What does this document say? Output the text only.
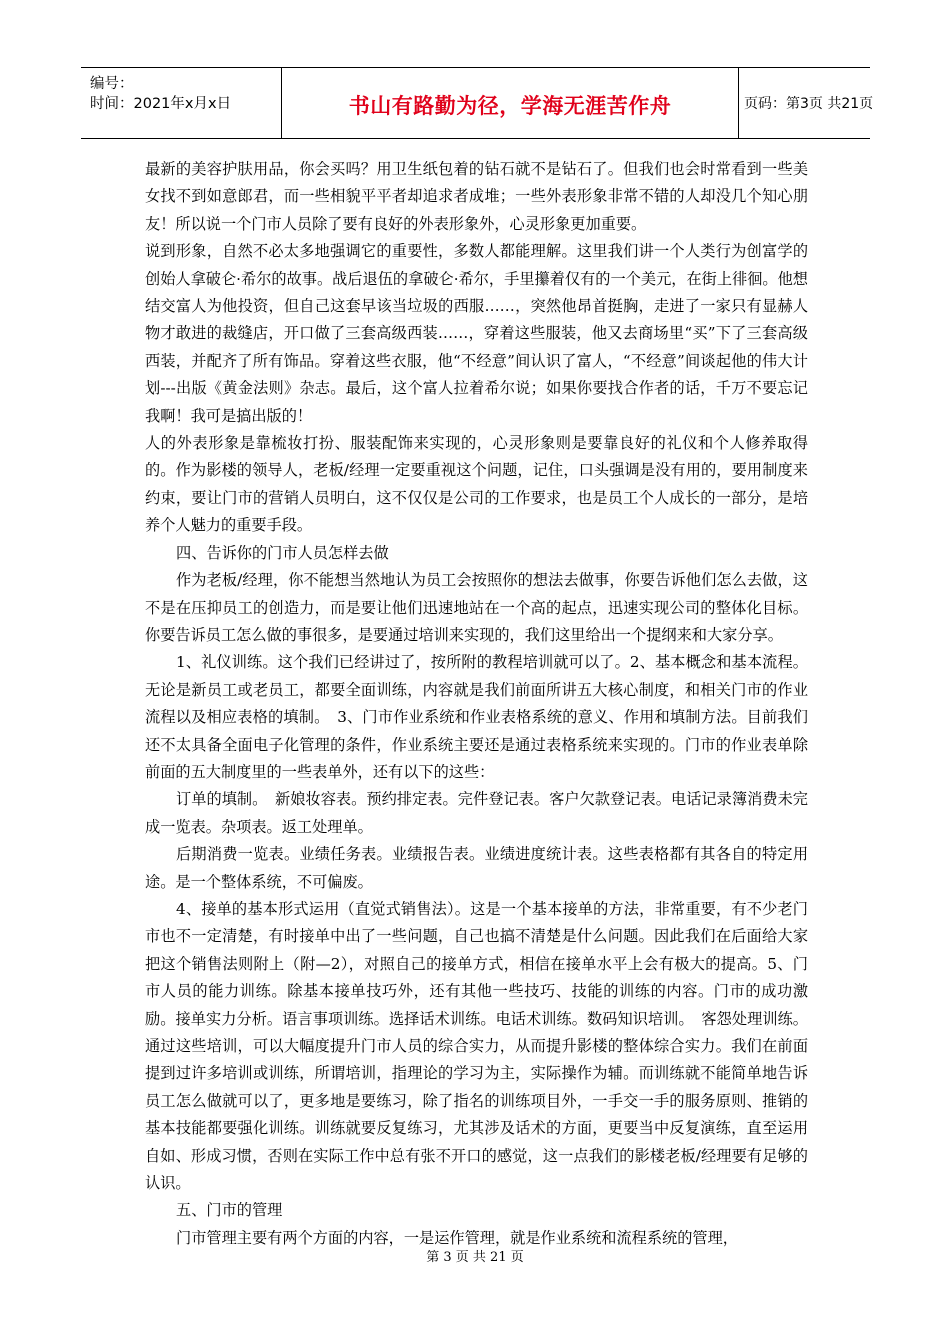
编号：
时间：2021年x月x日	书山有路勤为径，学海无涯苦作舟	页码：第3页 共21页

最新的美容护肤用品，你会买吗？用卫生纸包着的钻石就不是钻石了。但我们也会时常看到一些美女找不到如意郎君，而一些相貌平平者却追求者成堆；一些外表形象非常不错的人却没几个知心朋友！所以说一个门市人员除了要有良好的外表形象外，心灵形象更加重要。

说到形象，自然不必太多地强调它的重要性，多数人都能理解。这里我们讲一个人类行为创富学的创始人拿破仑·希尔的故事。战后退伍的拿破仑·希尔，手里攥着仅有的一个美元，在街上徘徊。他想结交富人为他投资，但自己这套早该当垃圾的西服……，突然他昂首挺胸，走进了一家只有显赫人物才敢进的裁缝店，开口做了三套高级西装……，穿着这些服装，他又去商场里“买”下了三套高级西装，并配齐了所有饰品。穿着这些衣服，他“不经意”间认识了富人，“不经意”间谈起他的伟大计划---出版《黄金法则》杂志。最后，这个富人拉着希尔说；如果你要找合作者的话，千万不要忘记我啊！我可是搞出版的！

人的外表形象是靠梳妆打扮、服装配饰来实现的，心灵形象则是要靠良好的礼仪和个人修养取得的。作为影楼的领导人，老板/经理一定要重视这个问题，记住，口头强调是没有用的，要用制度来约束，要让门市的营销人员明白，这不仅仅是公司的工作要求，也是员工个人成长的一部分，是培养个人魅力的重要手段。

四、告诉你的门市人员怎样去做

作为老板/经理，你不能想当然地认为员工会按照你的想法去做事，你要告诉他们怎么去做，这不是在压抑员工的创造力，而是要让他们迅速地站在一个高的起点，迅速实现公司的整体化目标。你要告诉员工怎么做的事很多，是要通过培训来实现的，我们这里给出一个提纲来和大家分享。

1、礼仪训练。这个我们已经讲过了，按所附的教程培训就可以了。2、基本概念和基本流程。无论是新员工或老员工，都要全面训练，内容就是我们前面所讲五大核心制度，和相关门市的作业流程以及相应表格的填制。　3、门市作业系统和作业表格系统的意义、作用和填制方法。目前我们还不太具备全面电子化管理的条件，作业系统主要还是通过表格系统来实现的。门市的作业表单除前面的五大制度里的一些表单外，还有以下的这些：

订单的填制。　新娘妆容表。预约排定表。完件登记表。客户欠款登记表。电话记录簿消费未完成一览表。杂项表。返工处理单。

后期消费一览表。业绩任务表。业绩报告表。业绩进度统计表。这些表格都有其各自的特定用途。是一个整体系统，不可偏废。

4、接单的基本形式运用（直觉式销售法）。这是一个基本接单的方法，非常重要，有不少老门市也不一定清楚，有时接单中出了一些问题，自己也搞不清楚是什么问题。因此我们在后面给大家把这个销售法则附上（附—2），对照自己的接单方式，相信在接单水平上会有极大的提高。5、门市人员的能力训练。除基本接单技巧外，还有其他一些技巧、技能的训练的内容。门市的成功激励。接单实力分析。语言事项训练。选择话术训练。电话术训练。数码知识培训。　客怨处理训练。通过这些培训，可以大幅度提升门市人员的综合实力，从而提升影楼的整体综合实力。我们在前面提到过许多培训或训练，所谓培训，指理论的学习为主，实际操作为辅。而训练就不能简单地告诉员工怎么做就可以了，更多地是要练习，除了指名的训练项目外，一手交一手的服务原则、推销的基本技能都要强化训练。训练就要反复练习，尤其涉及话术的方面，更要当中反复演练，直至运用自如、形成习惯，否则在实际工作中总有张不开口的感觉，这一点我们的影楼老板/经理要有足够的认识。

五、门市的管理

门市管理主要有两个方面的内容，一是运作管理，就是作业系统和流程系统的管理，

第 3 页 共 21 页
